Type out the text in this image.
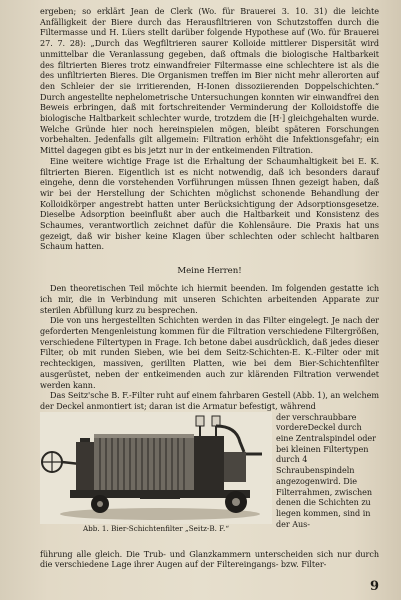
ergeben; so erklärt Jean de Clerk (Wo. für Brauerei 3. 10. 31) die leichte Anfälligkeit der Biere durch das Herausfiltrieren von Schutzstoffen durch die Filtermasse und H. Lüers stellt darüber folgende Hypothese auf (Wo. für Brauerei 27. 7. 28): „Durch das Wegfiltrieren saurer Kolloide mittlerer Dispersität wird unmittelbar die Veranlassung gegeben, daß oftmals die biologische Haltbarkeit des filtrierten Bieres trotz einwandfreier Filtermasse eine schlechtere ist als die des unfiltrierten Bieres. Die Organismen treffen im Bier nicht mehr allerorten auf den Schleier der sie irritierenden, H-Ionen dissoziierenden Doppelschichten.“ Durch angestellte nephelometrische Untersuchungen konnten wir einwandfrei den Beweis erbringen, daß mit fortschreitender Verminderung der Kolloidstoffe die biologische Haltbarkeit schlechter wurde, trotzdem die [H·] gleichgehalten wurde. Welche Gründe hier noch hereinspielen mögen, bleibt späteren Forschungen vorbehalten. Jedenfalls gilt allgemein: Filtration erhöht die Infektionsgefahr; ein Mittel dagegen gibt es bis jetzt nur in der entkeimenden Filtration.

Eine weitere wichtige Frage ist die Erhaltung der Schaumhaltigkeit bei E. K. filtrierten Bieren. Eigentlich ist es nicht notwendig, daß ich besonders darauf eingehe, denn die vorstehenden Vorführungen müssen Ihnen gezeigt haben, daß wir bei der Herstellung der Schichten möglichst schonende Behandlung der Kolloidkörper angestrebt hatten unter Berücksichtigung der Adsorptionsgesetze. Dieselbe Adsorption beeinflußt aber auch die Haltbarkeit und Konsistenz des Schaumes, verantwortlich zeichnet dafür die Kohlensäure. Die Praxis hat uns gezeigt, daß wir bisher keine Klagen über schlechten oder schlecht haltbaren Schaum hatten.

Meine Herren!

Den theoretischen Teil möchte ich hiermit beenden. Im folgenden gestatte ich ich mir, die in Verbindung mit unseren Schichten arbeitenden Apparate zur sterilen Abfüllung kurz zu besprechen.

Die von uns hergestellten Schichten werden in das Filter eingelegt. Je nach der geforderten Mengenleistung kommen für die Filtration verschiedene Filtergrößen, verschiedene Filtertypen in Frage. Ich betone dabei ausdrücklich, daß jedes dieser Filter, ob mit runden Sieben, wie bei dem Seitz-Schichten-E. K.-Filter oder mit rechteckigen, massiven, gerillten Platten, wie bei dem Bier-Schichtenfilter ausgerüstet, neben der entkeimenden auch zur klärenden Filtration verwendet werden kann.

Das Seitz'sche B. F.-Filter ruht auf einem fahrbaren Gestell (Abb. 1), an welchem der Deckel anmontiert ist; daran ist die Armatur befestigt, während

Abb. 1. Bier-Schichtenfilter „Seitz-B. F.“

der verschraubbare vordereDeckel durch eine Zentralspindel oder bei kleinen Filtertypen durch 4 Schraubenspindeln angezogenwird. Die Filterrahmen, zwischen denen die Schichten zu liegen kommen, sind in der Aus-

führung alle gleich. Die Trub- und Glanzkammern unterscheiden sich nur durch die verschiedene Lage ihrer Augen auf der Filtereingangs- bzw. Filter-

9
